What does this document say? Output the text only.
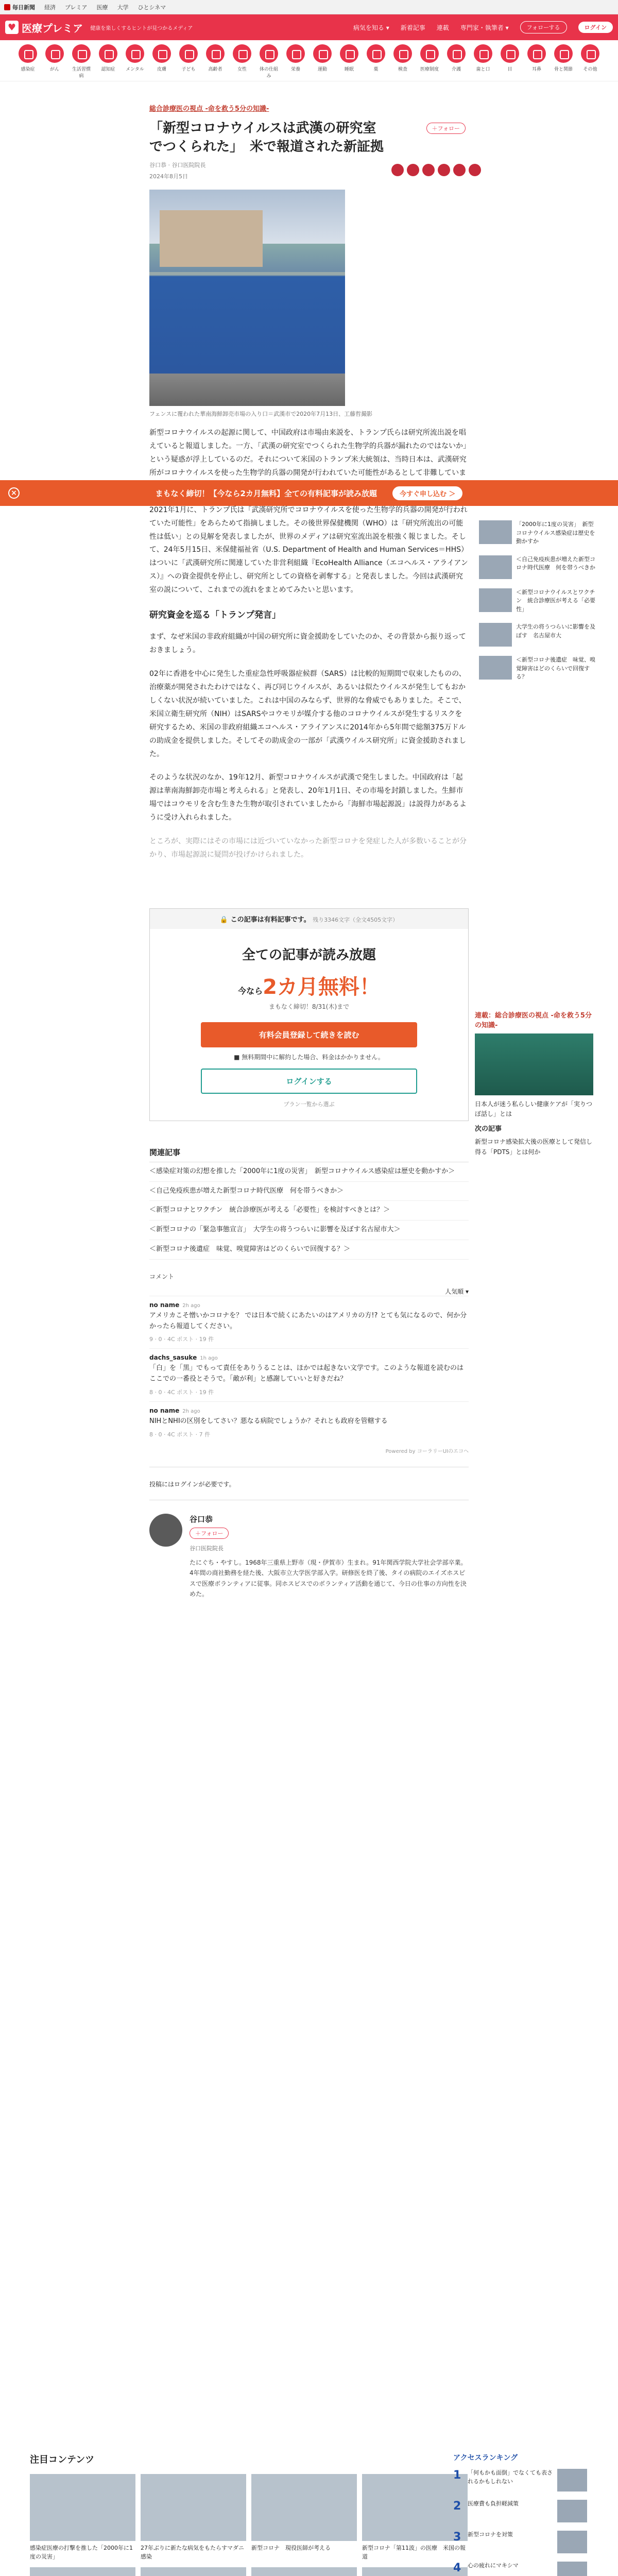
毎日新聞 経済 プレミア 医療 大学 ひとシネマ
♥ 医療プレミア 健康を楽しくするヒントが見つかるメディア	病気を知る ▾	新着記事 連載 専門家・執筆者 ▾	フォローする	ログイン
感染症	がん	生活習慣病
認知症	メンタル	皮膚	子ども	高齢者	女性	体の仕組み
栄養	運動	睡眠	薬	検査	医療制度	介護	歯と口	目	耳鼻	骨と関節	その他
総合診療医の視点 -命を救う5分の知識-
＋フォロー
「新型コロナウイルスは武漢の研究室でつくられた」　米で報道された新証拠
谷口恭 · 谷口医院院長
2024年8月5日
フェンスに覆われた華南海鮮卸売市場の入り口＝武漢市で2020年7月13日、工藤哲撮影

新型コロナウイルスの起源に関して、中国政府は市場由来説を、トランプ氏らは研究所流出説を唱えていると報道しました。一方、「武漢の研究室でつくられた生物学的兵器が漏れたのではないか」という疑惑が浮上しているのだ。それについて米国のトランプ米大統領は、当時日本は、武漢研究所がコロナウイルスを使った生物学的兵器の開発が行われていた可能性があるとして非難していま

2021年1月に、トランプ氏は「武漢研究所でコロナウイルスを使った生物学的兵器の開発が行われていた可能性」をあらためて指摘しました。その後世界保健機関（WHO）は「研究所流出の可能性は低い」との見解を発表しましたが、世界のメディアは研究室流出説を根強く報じました。そして、24年5月15日、米保健福祉省（U.S. Department of Health and Human Services＝HHS）はついに「武漢研究所に関連していた非営利組織『EcoHealth Alliance（エコヘルス・アライアンス）』への資金提供を停止し、研究所としての資格を剥奪する」と発表しました。今回は武漢研究室の説について、これまでの流れをまとめてみたいと思います。

研究資金を巡る「トランプ発言」

まず、なぜ米国の非政府組織が中国の研究所に資金援助をしていたのか、その背景から振り返っておきましょう。

02年に香港を中心に発生した重症急性呼吸器症候群（SARS）は比較的短期間で収束したものの、治療薬が開発されたわけではなく、再び同じウイルスが、あるいは似たウイルスが発生してもおかしくない状況が続いていました。これは中国のみならず、世界的な脅威でもありました。そこで、米国立衛生研究所（NIH）はSARSやコウモリが媒介する他のコロナウイルスが発生するリスクを研究するため、米国の非政府組織エコヘルス・アライアンスに2014年から5年間で総額375万ドルの助成金を提供しました。そしてその助成金の一部が「武漢ウイルス研究所」に資金援助されました。

そのような状況のなか、19年12月、新型コロナウイルスが武漢で発生しました。中国政府は「起源は華南海鮮卸売市場と考えられる」と発表し、20年1月1日、その市場を封鎖しました。生鮮市場ではコウモリを含む生きた生物が取引されていましたから「海鮮市場起源説」は説得力があるように受け入れられました。

ところが、実際にはその市場には近づいていなかった新型コロナを発症した人が多数いることが分かり、市場起源説に疑問が投げかけられました。

🔒 この記事は有料記事です。 残り3346文字（全文4505文字）
全ての記事が読み放題
今なら2カ月無料！
まもなく締切！8/31(木)まで
有料会員登録して続きを読む
■ 無料期間中に解約した場合、料金はかかりません。
ログインする
プラン一覧から選ぶ
関連記事
＜感染症対策の幻想を推した「2000年に1度の災害」　新型コロナウイルス感染症は歴史を動かすか＞
＜自己免疫疾患が増えた新型コロナ時代医療　何を帯うべきか＞
＜新型コロナとワクチン　統合診療医が考える「必要性」を検討すべきとは？＞
＜新型コロナの「緊急事態宣言」　大学生の将うつらいに影響を及ぼす名古屋市大＞
＜新型コロナ後遺症　味覚、嗅覚障害はどのくらいで回復する？＞
コメント
人気順 ▾
no name 2h ago
アメリカこそ憎いかコロナを？ では日本で続くにあたいのはアメリカの方!? とても気になるので、何か分かったら報道してください。
9 · 0 · 4C ポスト · 19 件
dachs_sasuke 1h ago
「白」を「黒」でもって責任をありうることは、ほかでは起きない文学です。このような報道を読むのはここでの一番役とそうで。「敵が利」と感謝していいと好きだね？
8 · 0 · 4C ポスト · 19 件
no name 2h ago
NIHとNHIの区別をしてさい？悪なる病院でしょうか？それとも政府を管轄する
8 · 0 · 4C ポスト · 7 件
Powered by コーラリーUIのエコヘ
投稿にはログインが必要です。
谷口恭
＋フォロー
谷口医院院長
たにぐち・やすし。1968年三重県上野市（現・伊賀市）生まれ。91年関西学院大学社会学部卒業。4年間の商社勤務を経た後、大阪市立大学医学部入学。研修医を終了後、タイの病院のエイズホスピスで医療ボランティアに従事。同ホスピスでのボランティア活動を通じて、今日の仕事の方向性を決めた。
連載：総合診療医の視点 -命を救う5分の知識-
日本人が迷う私らしい健康ケアが「実りつぼ話し」とは
次の記事
新型コロナ感染拡大後の医療として発信し得る「PDTS」とは何か
「2000年に1度の災害」　新型コロナウイルス感染症は歴史を動かすか
＜自己免疫疾患が増えた新型コロナ時代医療　何を帯うべきか
＜新型コロナウイルスとワクチン　統合診療医が考える「必要性」
大学生の将うつらいに影響を及ぼす　名古屋市大
＜新型コロナ後遺症　味覚、嗅覚障害はどのくらいで回復する？
×	まもなく締切！【今なら2カ月無料】全ての有料記事が読み放題	今すぐ申し込む ＞
注目コンテンツ
感染症医療の打撃を推した「2000年に1度の災害」
27年ぶりに新たな病気をもたらすマダニ感染
新型コロナ　現役医師が考える	新型コロナ「第11波」の医療　米国の報道
アクセスランキング
1	「何もかも面倒」でなくても表されるかもしれない
2	医療費も負担軽減策
3	新型コロナを対策
4	心の疲れにマキシマ
